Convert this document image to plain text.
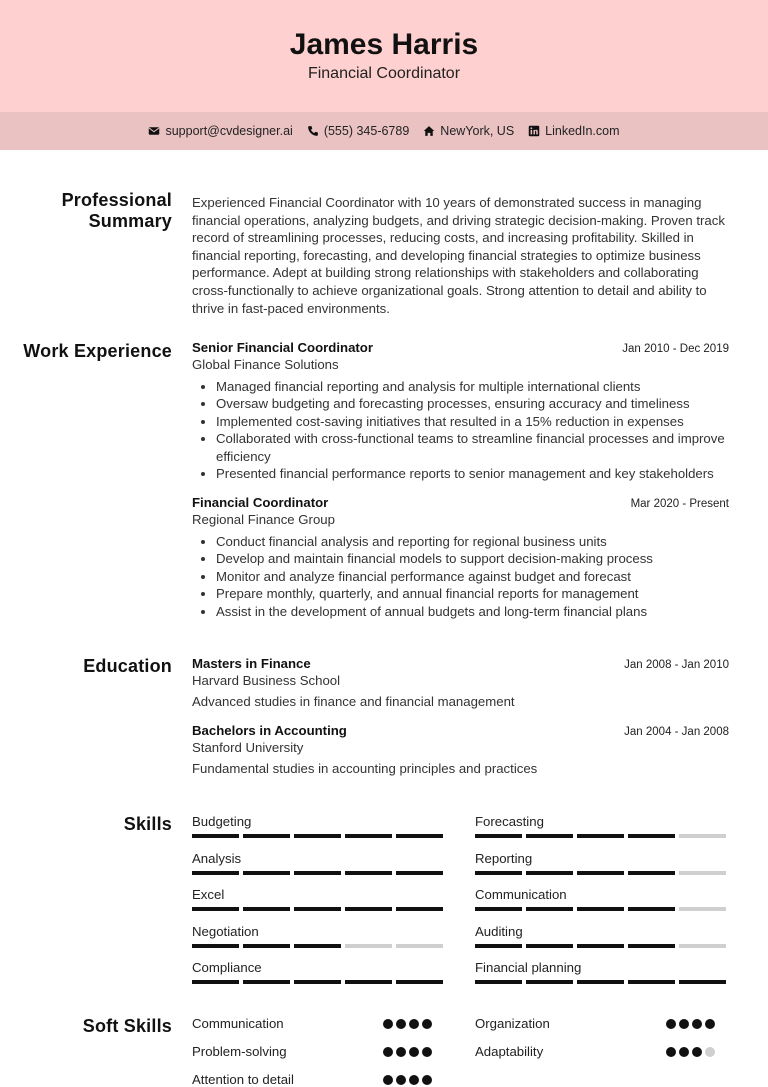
James Harris
Financial Coordinator
support@cvdesigner.ai (555) 345-6789 NewYork, US LinkedIn.com
Professional Summary
Experienced Financial Coordinator with 10 years of demonstrated success in managing financial operations, analyzing budgets, and driving strategic decision-making. Proven track record of streamlining processes, reducing costs, and increasing profitability. Skilled in financial reporting, forecasting, and developing financial strategies to optimize business performance. Adept at building strong relationships with stakeholders and collaborating cross-functionally to achieve organizational goals. Strong attention to detail and ability to thrive in fast-paced environments.
Work Experience Senior Financial Coordinator	Jan 2010 - Dec 2019
Global Finance Solutions
• Managed financial reporting and analysis for multiple international clients
• Oversaw budgeting and forecasting processes, ensuring accuracy and timeliness
• Implemented cost-saving initiatives that resulted in a 15% reduction in expenses
• Collaborated with cross-functional teams to streamline financial processes and improve efficiency
• Presented financial performance reports to senior management and key stakeholders
Financial Coordinator	Mar 2020 - Present
Regional Finance Group
• Conduct financial analysis and reporting for regional business units
• Develop and maintain financial models to support decision-making process
• Monitor and analyze financial performance against budget and forecast
• Prepare monthly, quarterly, and annual financial reports for management
• Assist in the development of annual budgets and long-term financial plans
Education Masters in Finance	Jan 2008 - Jan 2010
Harvard Business School
Advanced studies in finance and financial management
Bachelors in Accounting	Jan 2004 - Jan 2008
Stanford University
Fundamental studies in accounting principles and practices
Skills Budgeting	Forecasting
Analysis	Reporting
Excel	Communication
Negotiation	Auditing
Compliance	Financial planning
Soft Skills Communication	Organization
Problem-solving	Adaptability
Attention to detail
